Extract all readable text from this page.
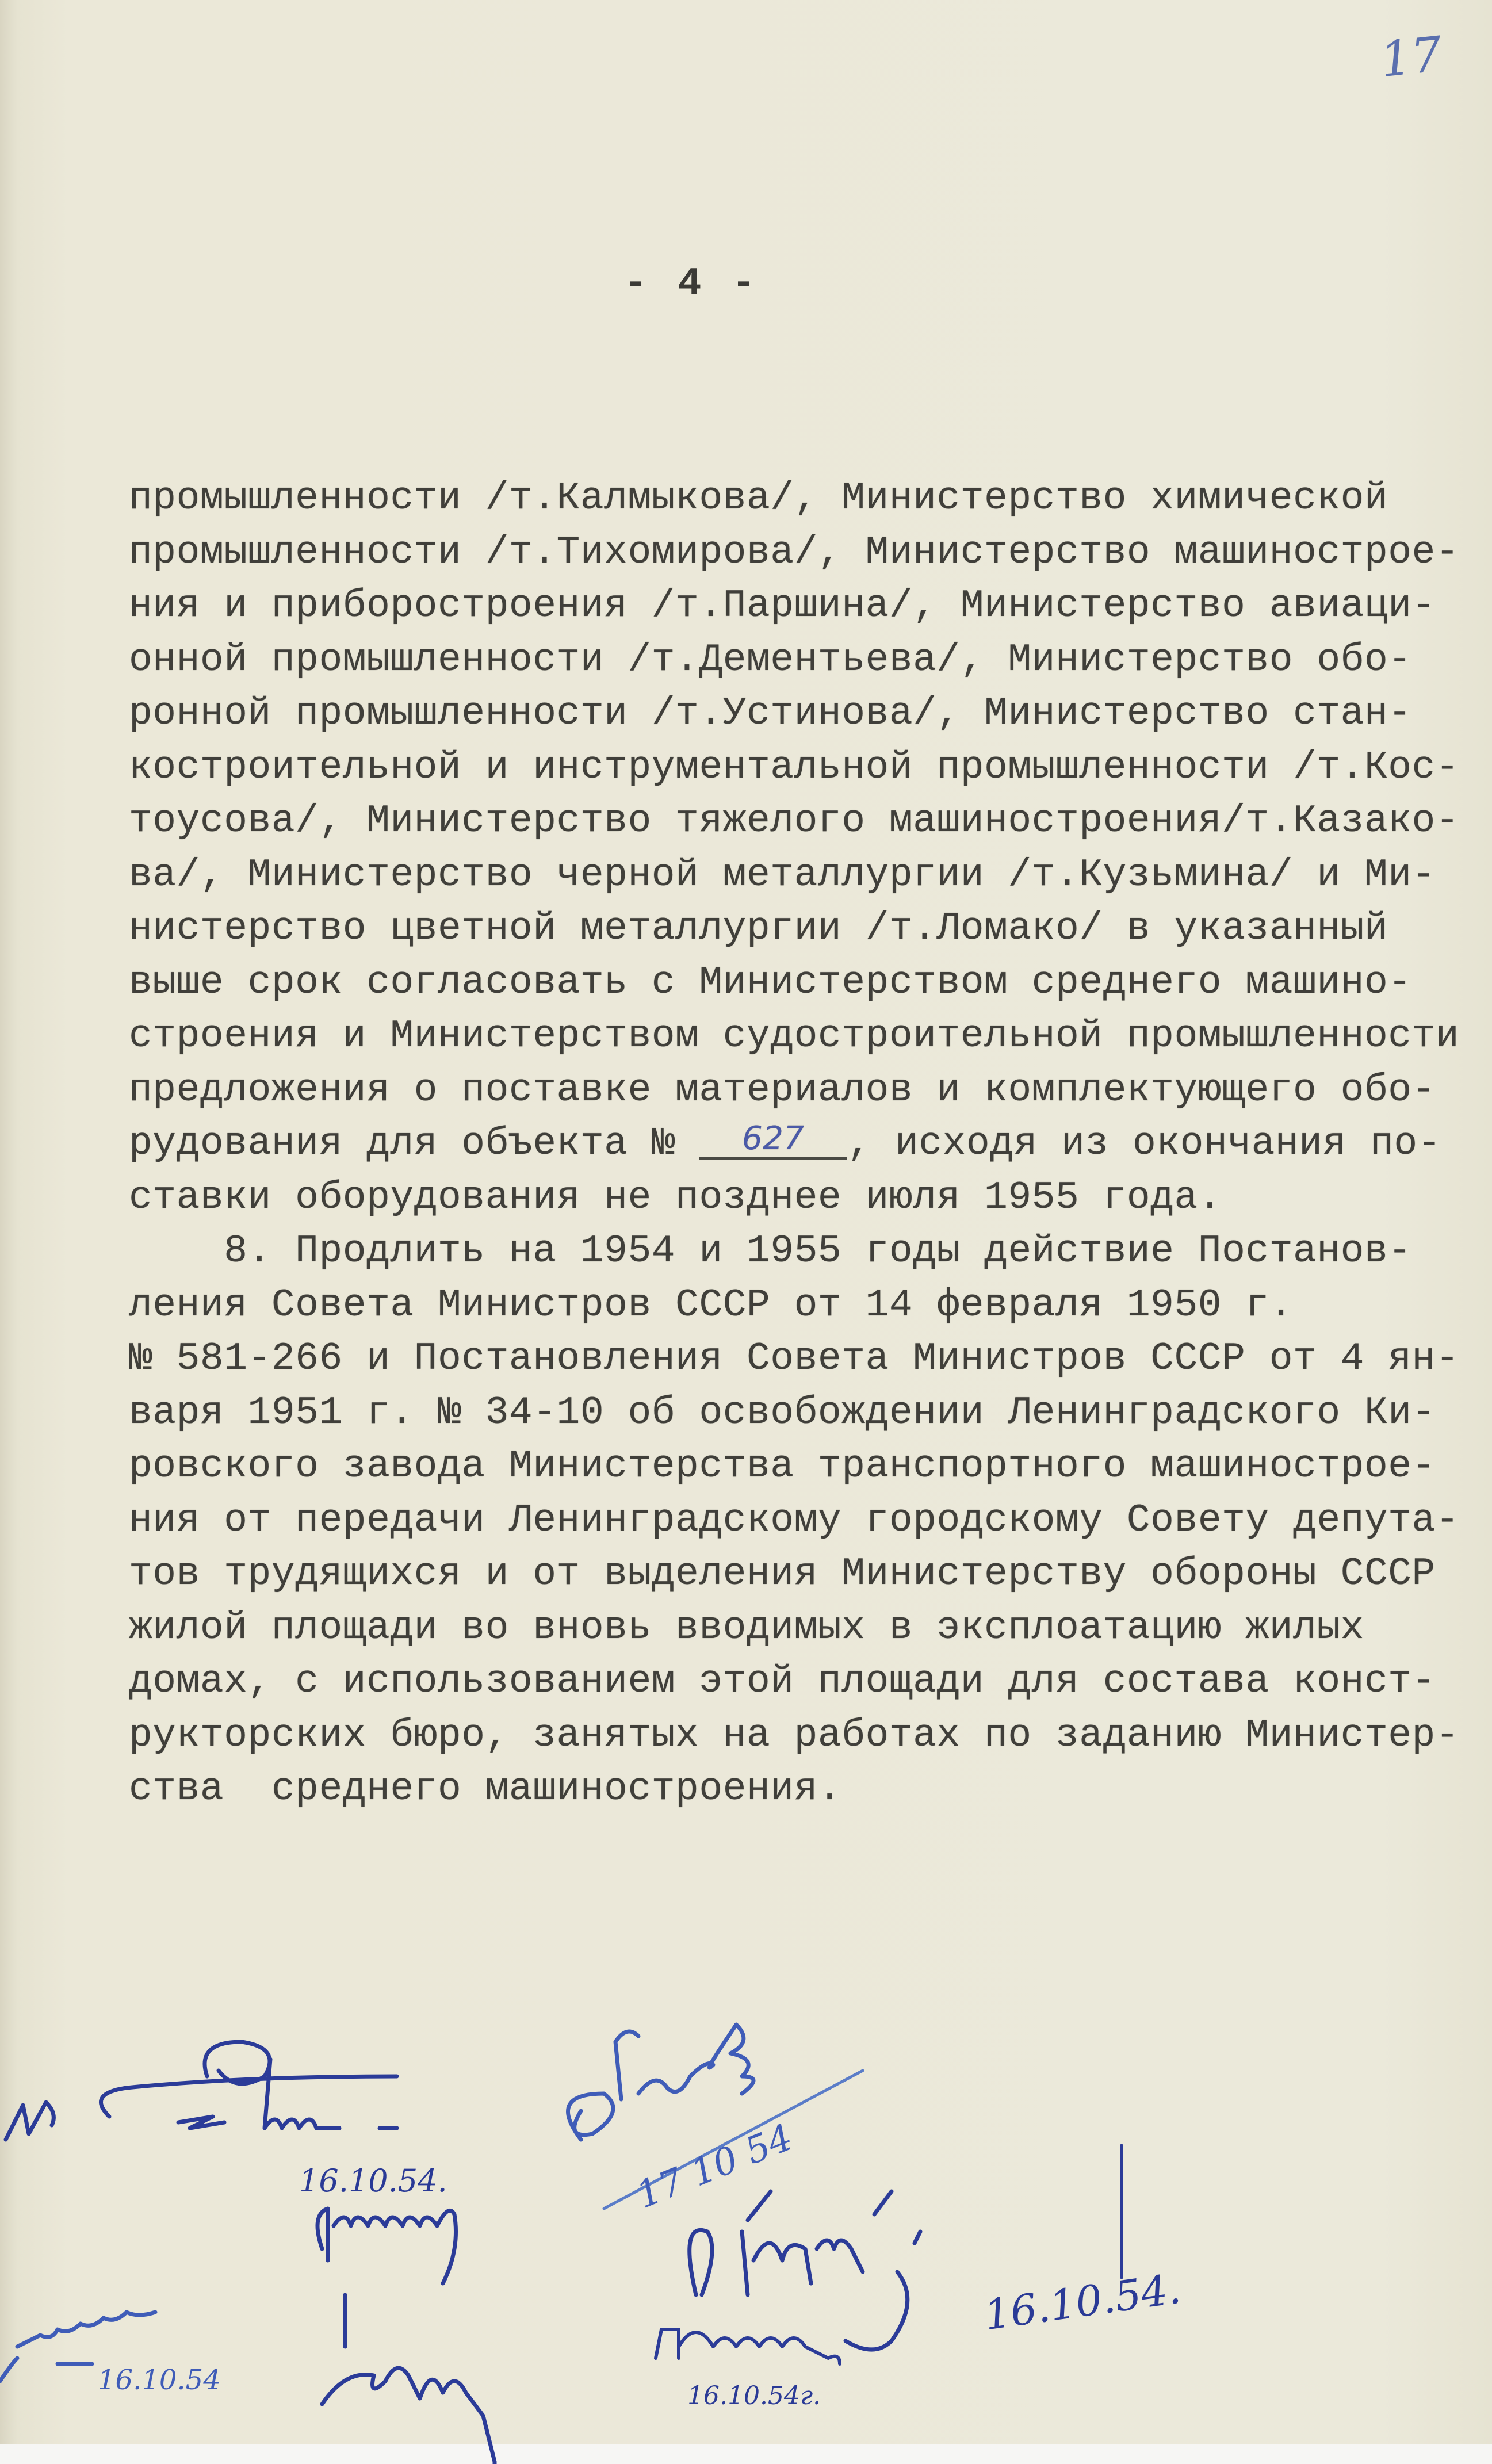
17
- 4 -
промышленности /т.Калмыкова/, Министерство химической
промышленности /т.Тихомирова/, Министерство машинострое-
ния и приборостроения /т.Паршина/, Министерство авиаци-
онной промышленности /т.Дементьева/, Министерство обо-
ронной промышленности /т.Устинова/, Министерство стан-
костроительной и инструментальной промышленности /т.Кос-
тоусова/, Министерство тяжелого машиностроения/т.Казако-
ва/, Министерство черной металлургии /т.Кузьмина/ и Ми-
нистерство цветной металлургии /т.Ломако/ в указанный
выше срок согласовать с Министерством среднего машино-
строения и Министерством судостроительной промышленности
предложения о поставке материалов и комплектующего обо-
рудования для объекта № 627 , исходя из окончания по-
ставки оборудования не позднее июля 1955 года.
8. Продлить на 1954 и 1955 годы действие Постанов-
ления Совета Министров СССР от 14 февраля 1950 г.
№ 581-266 и Постановления Совета Министров СССР от 4 ян-
варя 1951 г. № 34-10 об освобождении Ленинградского Ки-
ровского завода Министерства транспортного машинострое-
ния от передачи Ленинградскому городскому Совету депута-
тов трудящихся и от выделения Министерству обороны СССР
жилой площади во вновь вводимых в эксплоатацию жилых
домах, с использованием этой площади для состава конст-
рукторских бюро, занятых на работах по заданию Министер-
ства  среднего машиностроения.
16.10.54.	17 10 54
16.10.54.
16.10.54	16.10.54г.
